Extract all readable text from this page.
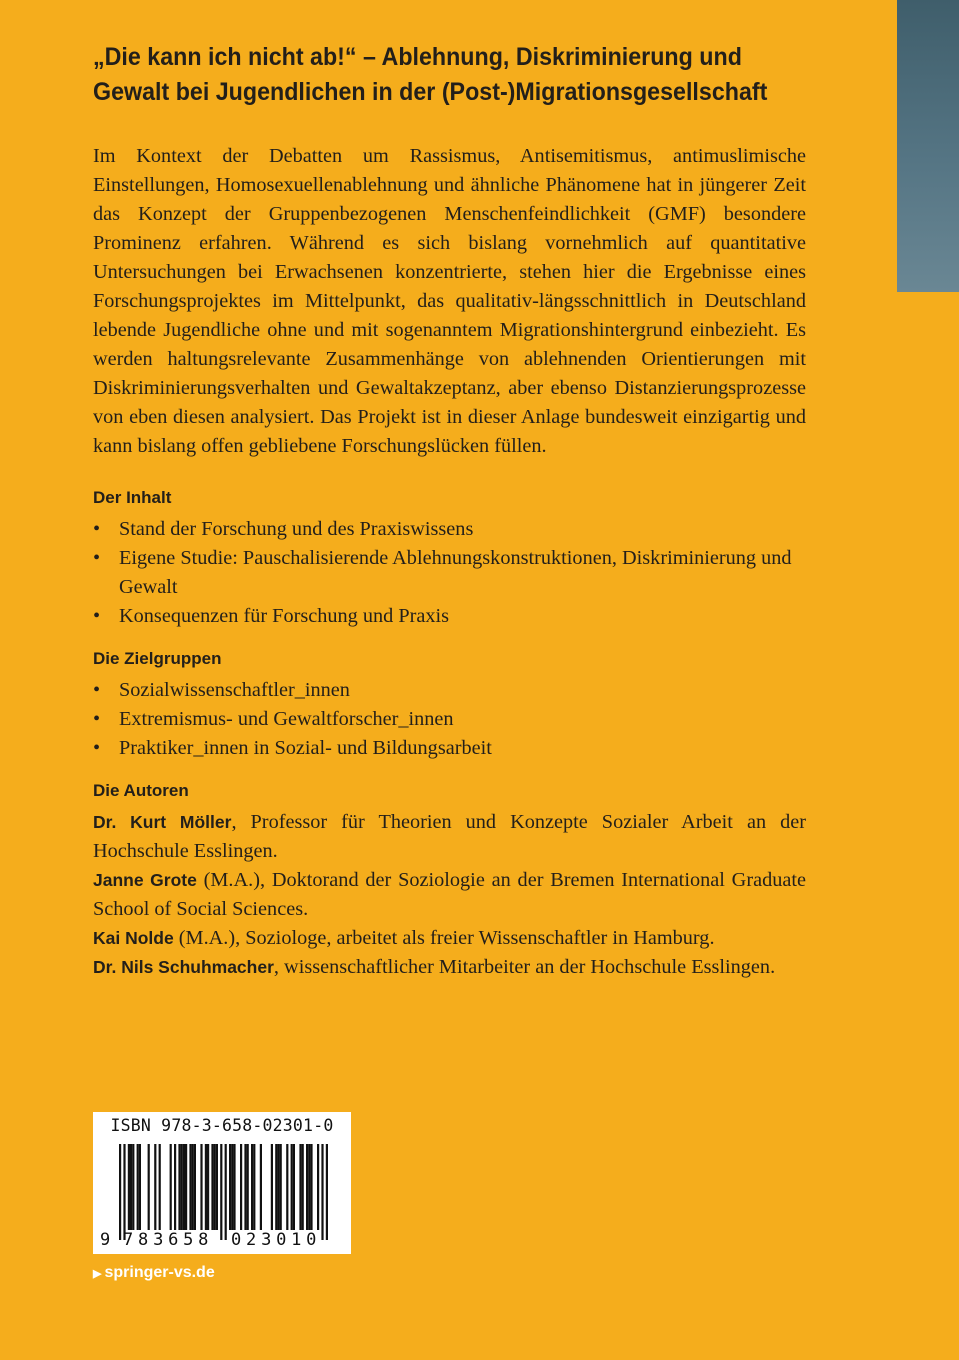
„Die kann ich nicht ab!“ – Ablehnung, Diskriminierung und
Gewalt bei Jugendlichen in der (Post-)Migrationsgesellschaft

Im Kontext der Debatten um Rassismus, Antisemitismus, antimuslimische Einstellungen, Homosexuellenablehnung und ähnliche Phänomene hat in jüngerer Zeit das Konzept der Gruppenbezogenen Menschenfeindlichkeit (GMF) besondere Prominenz erfahren. Während es sich bislang vornehmlich auf quantitative Untersuchungen bei Erwachsenen konzentrierte, stehen hier die Ergebnisse eines Forschungsprojektes im Mittelpunkt, das qualitativ-längsschnittlich in Deutschland lebende Jugendliche ohne und mit sogenanntem Migrationshintergrund einbezieht. Es werden haltungsrelevante Zusammenhänge von ablehnenden Orientierungen mit Diskriminierungsverhalten und Gewaltakzeptanz, aber ebenso Distanzierungsprozesse von eben diesen analysiert. Das Projekt ist in dieser Anlage bundesweit einzigartig und kann bislang offen gebliebene Forschungslücken füllen.

Der Inhalt
• Stand der Forschung und des Praxiswissens
• Eigene Studie: Pauschalisierende Ablehnungskonstruktionen, Diskriminierung und Gewalt
• Konsequenzen für Forschung und Praxis
Die Zielgruppen
• Sozialwissenschaftler_innen
• Extremismus- und Gewaltforscher_innen
• Praktiker_innen in Sozial- und Bildungsarbeit
Die Autoren

Dr. Kurt Möller, Professor für Theorien und Konzepte Sozialer Arbeit an der Hochschule Esslingen.

Janne Grote (M.A.), Doktorand der Soziologie an der Bremen International Graduate School of Social Sciences.

Kai Nolde (M.A.), Soziologe, arbeitet als freier Wissenschaftler in Hamburg.

Dr. Nils Schuhmacher, wissenschaftlicher Mitarbeiter an der Hochschule Esslingen.

ISBN 978-3-658-02301-0
9 783658 023010
▶ springer-vs.de
